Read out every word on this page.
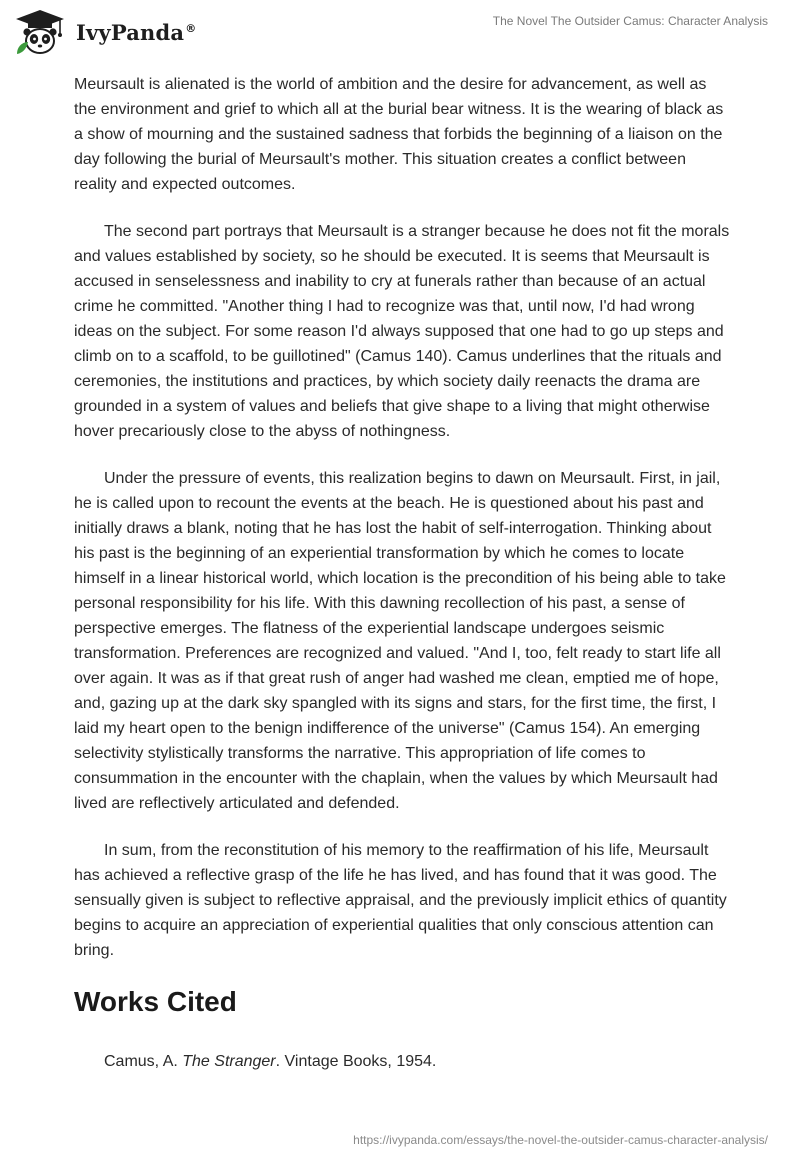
IvyPanda®	The Novel The Outsider Camus: Character Analysis

Meursault is alienated is the world of ambition and the desire for advancement, as well as the environment and grief to which all at the burial bear witness. It is the wearing of black as a show of mourning and the sustained sadness that forbids the beginning of a liaison on the day following the burial of Meursault's mother. This situation creates a conflict between reality and expected outcomes.

The second part portrays that Meursault is a stranger because he does not fit the morals and values established by society, so he should be executed. It is seems that Meursault is accused in senselessness and inability to cry at funerals rather than because of an actual crime he committed. "Another thing I had to recognize was that, until now, I'd had wrong ideas on the subject. For some reason I'd always supposed that one had to go up steps and climb on to a scaffold, to be guillotined" (Camus 140). Camus underlines that the rituals and ceremonies, the institutions and practices, by which society daily reenacts the drama are grounded in a system of values and beliefs that give shape to a living that might otherwise hover precariously close to the abyss of nothingness.

Under the pressure of events, this realization begins to dawn on Meursault. First, in jail, he is called upon to recount the events at the beach. He is questioned about his past and initially draws a blank, noting that he has lost the habit of self-interrogation. Thinking about his past is the beginning of an experiential transformation by which he comes to locate himself in a linear historical world, which location is the precondition of his being able to take personal responsibility for his life. With this dawning recollection of his past, a sense of perspective emerges. The flatness of the experiential landscape undergoes seismic transformation. Preferences are recognized and valued. "And I, too, felt ready to start life all over again. It was as if that great rush of anger had washed me clean, emptied me of hope, and, gazing up at the dark sky spangled with its signs and stars, for the first time, the first, I laid my heart open to the benign indifference of the universe" (Camus 154). An emerging selectivity stylistically transforms the narrative. This appropriation of life comes to consummation in the encounter with the chaplain, when the values by which Meursault had lived are reflectively articulated and defended.

In sum, from the reconstitution of his memory to the reaffirmation of his life, Meursault has achieved a reflective grasp of the life he has lived, and has found that it was good. The sensually given is subject to reflective appraisal, and the previously implicit ethics of quantity begins to acquire an appreciation of experiential qualities that only conscious attention can bring.

Works Cited
Camus, A. The Stranger. Vintage Books, 1954.
https://ivypanda.com/essays/the-novel-the-outsider-camus-character-analysis/
